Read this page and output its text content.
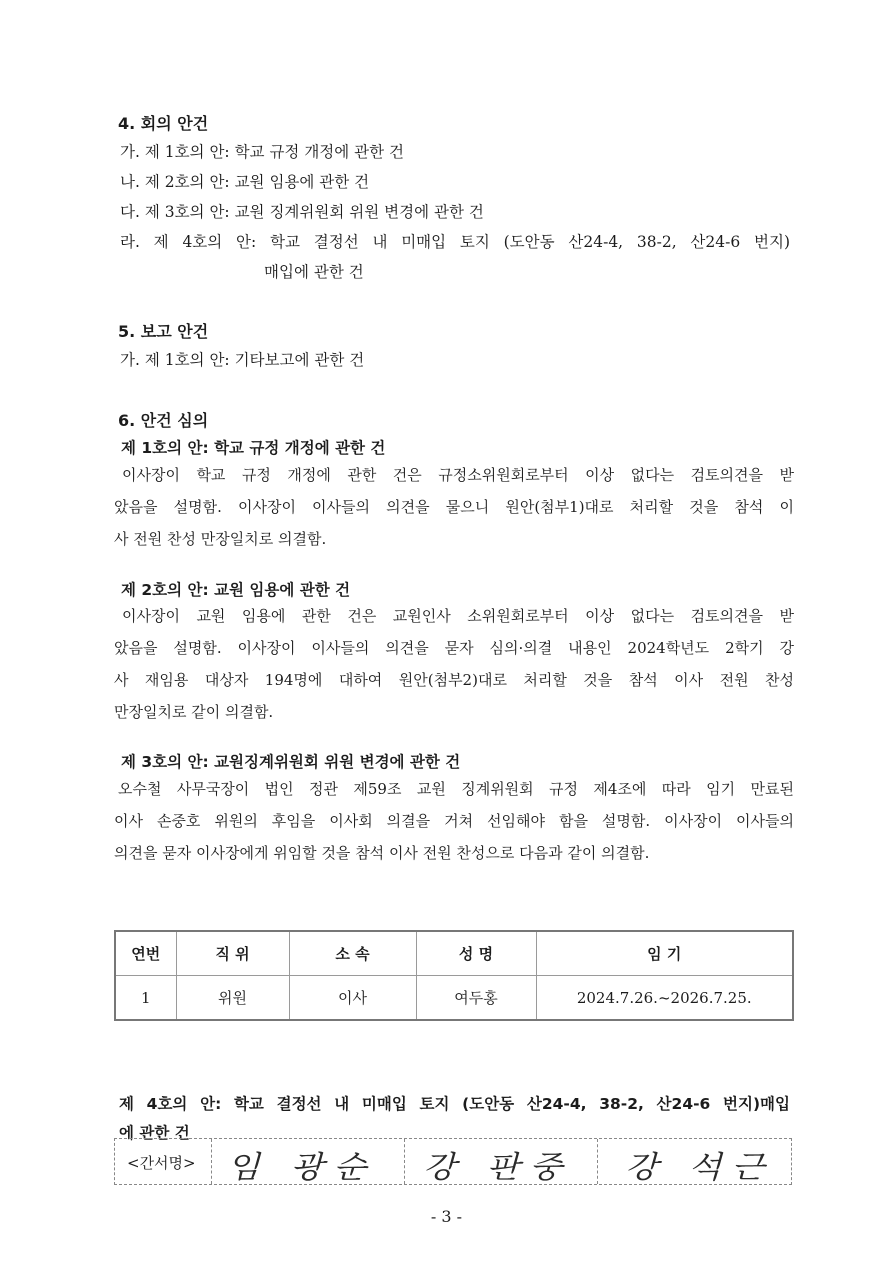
4. 회의 안건
가. 제 1호의 안: 학교 규정 개정에 관한 건
나. 제 2호의 안: 교원 임용에 관한 건
다. 제 3호의 안: 교원 징계위원회 위원 변경에 관한 건
라. 제 4호의 안: 학교 결정선 내 미매입 토지 (도안동 산24-4, 38-2, 산24-6 번지)
매입에 관한 건
5. 보고 안건
가. 제 1호의 안: 기타보고에 관한 건
6. 안건 심의
제 1호의 안: 학교 규정 개정에 관한 건
이사장이 학교 규정 개정에 관한 건은 규정소위원회로부터 이상 없다는 검토의견을 받
았음을 설명함. 이사장이 이사들의 의견을 물으니 원안(첨부1)대로 처리할 것을 참석 이
사 전원 찬성 만장일치로 의결함.
제 2호의 안: 교원 임용에 관한 건
이사장이 교원 임용에 관한 건은 교원인사 소위원회로부터 이상 없다는 검토의견을 받
았음을 설명함. 이사장이 이사들의 의견을 묻자 심의·의결 내용인 2024학년도 2학기 강
사 재임용 대상자 194명에 대하여 원안(첨부2)대로 처리할 것을 참석 이사 전원 찬성
만장일치로 같이 의결함.
제 3호의 안: 교원징계위원회 위원 변경에 관한 건
오수철 사무국장이 법인 정관 제59조 교원 징계위원회 규정 제4조에 따라 임기 만료된
이사 손중호 위원의 후임을 이사회 의결을 거쳐 선임해야 함을 설명함. 이사장이 이사들의
의견을 묻자 이사장에게 위임할 것을 참석 이사 전원 찬성으로 다음과 같이 의결함.
연번	직 위	소 속	성 명	임 기
1	위원	이사	여두홍	2024.7.26.~2026.7.25.
제 4호의 안: 학교 결정선 내 미매입 토지 (도안동 산24-4, 38-2, 산24-6 번지)매입
에 관한 건
<간서명> 임 광순 강 판중 강 석근
- 3 -
